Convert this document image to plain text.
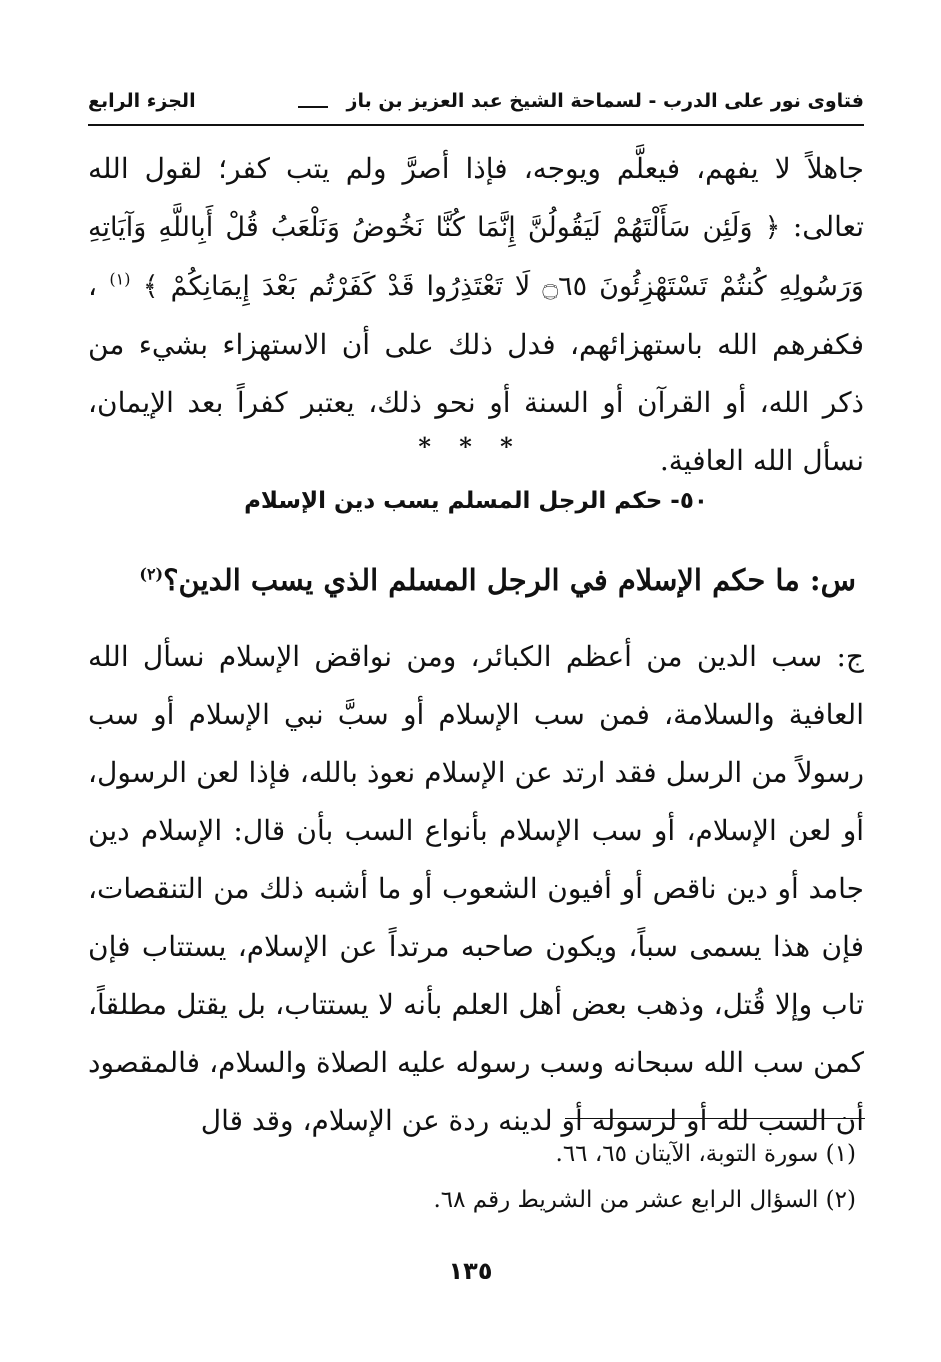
فتاوى نور على الدرب - لسماحة الشيخ عبد العزيز بن باز
الجزء الرابع
جاهلاً لا يفهم، فيعلَّم ويوجه، فإذا أصرَّ ولم يتب كفر؛ لقول الله تعالى: ﴿ وَلَئِن سَأَلْتَهُمْ لَيَقُولُنَّ إِنَّمَا كُنَّا نَخُوضُ وَنَلْعَبُ قُلْ أَبِاللَّهِ وَآيَاتِهِ وَرَسُولِهِ كُنتُمْ تَسْتَهْزِئُونَ ۝٦٥ لَا تَعْتَذِرُوا قَدْ كَفَرْتُم بَعْدَ إِيمَانِكُمْ ﴾ $^{(١)}$ ، فكفرهم الله باستهزائهم، فدل ذلك على أن الاستهزاء بشيء من ذكر الله، أو القرآن أو السنة أو نحو ذلك، يعتبر كفراً بعد الإيمان، نسأل الله العافية.
* * *
٥٠- حكم الرجل المسلم يسب دين الإسلام
س: ما حكم الإسلام في الرجل المسلم الذي يسب الدين؟$^{(٢)}$
ج: سب الدين من أعظم الكبائر، ومن نواقض الإسلام نسأل الله العافية والسلامة، فمن سب الإسلام أو سبَّ نبي الإسلام أو سب رسولاً من الرسل فقد ارتد عن الإسلام نعوذ بالله، فإذا لعن الرسول، أو لعن الإسلام، أو سب الإسلام بأنواع السب بأن قال: الإسلام دين جامد أو دين ناقص أو أفيون الشعوب أو ما أشبه ذلك من التنقصات، فإن هذا يسمى سباً، ويكون صاحبه مرتداً عن الإسلام، يستتاب فإن تاب وإلا قُتل، وذهب بعض أهل العلم بأنه لا يستتاب، بل يقتل مطلقاً، كمن سب الله سبحانه وسب رسوله عليه الصلاة والسلام، فالمقصود أن السب لله أو لرسوله أو لدينه ردة عن الإسلام، وقد قال
(١) سورة التوبة، الآيتان ٦٥، ٦٦.
(٢) السؤال الرابع عشر من الشريط رقم ٦٨.
١٣٥
